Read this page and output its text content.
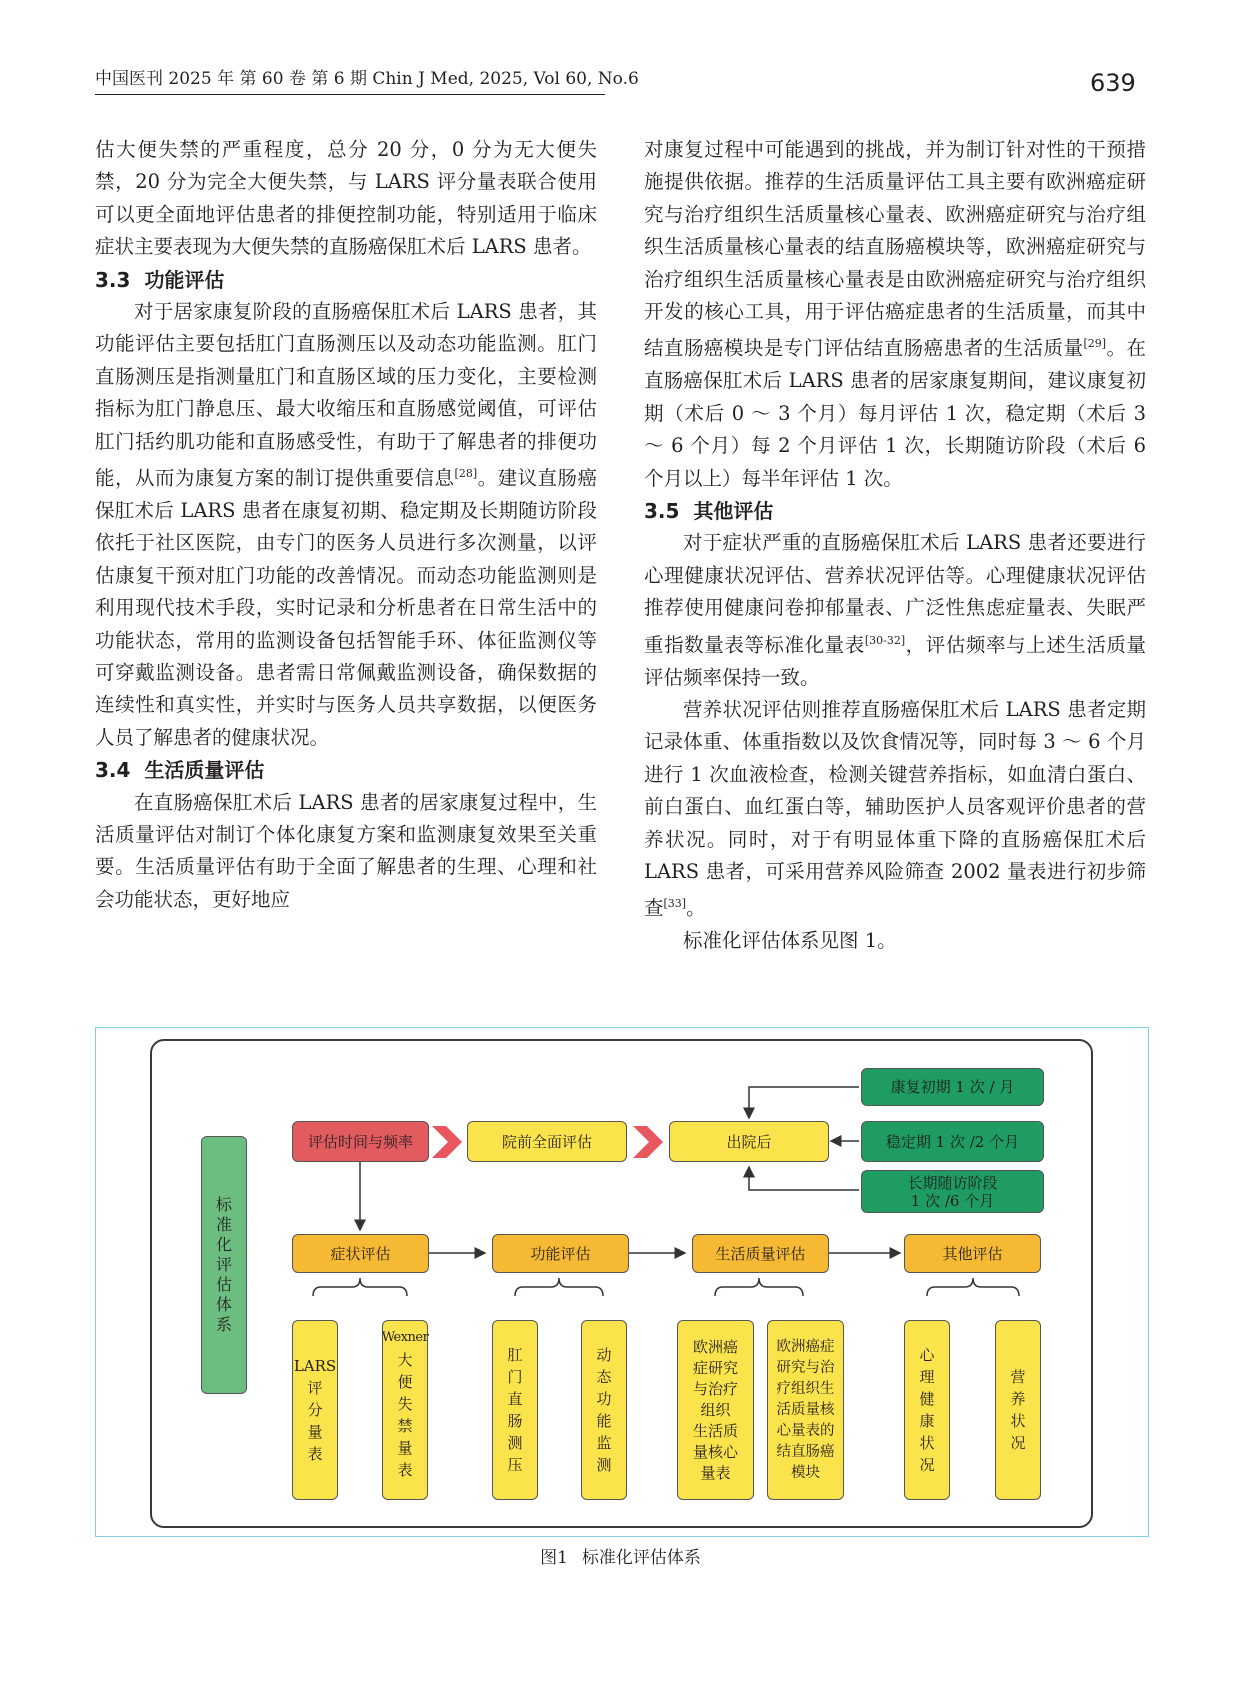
中国医刊 2025 年 第 60 卷 第 6 期 Chin J Med, 2025, Vol 60, No.6	639

估大便失禁的严重程度，总分 20 分，0 分为无大便失禁，20 分为完全大便失禁，与 LARS 评分量表联合使用可以更全面地评估患者的排便控制功能，特别适用于临床症状主要表现为大便失禁的直肠癌保肛术后 LARS 患者。

3.3 功能评估

对于居家康复阶段的直肠癌保肛术后 LARS 患者，其功能评估主要包括肛门直肠测压以及动态功能监测。肛门直肠测压是指测量肛门和直肠区域的压力变化，主要检测指标为肛门静息压、最大收缩压和直肠感觉阈值，可评估肛门括约肌功能和直肠感受性，有助于了解患者的排便功能，从而为康复方案的制订提供重要信息[28]。建议直肠癌保肛术后 LARS 患者在康复初期、稳定期及长期随访阶段依托于社区医院，由专门的医务人员进行多次测量，以评估康复干预对肛门功能的改善情况。而动态功能监测则是利用现代技术手段，实时记录和分析患者在日常生活中的功能状态，常用的监测设备包括智能手环、体征监测仪等可穿戴监测设备。患者需日常佩戴监测设备，确保数据的连续性和真实性，并实时与医务人员共享数据，以便医务人员了解患者的健康状况。

3.4 生活质量评估

在直肠癌保肛术后 LARS 患者的居家康复过程中，生活质量评估对制订个体化康复方案和监测康复效果至关重要。生活质量评估有助于全面了解患者的生理、心理和社会功能状态，更好地应

对康复过程中可能遇到的挑战，并为制订针对性的干预措施提供依据。推荐的生活质量评估工具主要有欧洲癌症研究与治疗组织生活质量核心量表、欧洲癌症研究与治疗组织生活质量核心量表的结直肠癌模块等，欧洲癌症研究与治疗组织生活质量核心量表是由欧洲癌症研究与治疗组织开发的核心工具，用于评估癌症患者的生活质量，而其中结直肠癌模块是专门评估结直肠癌患者的生活质量[29]。在直肠癌保肛术后 LARS 患者的居家康复期间，建议康复初期（术后 0 ～ 3 个月）每月评估 1 次，稳定期（术后 3 ～ 6 个月）每 2 个月评估 1 次，长期随访阶段（术后 6 个月以上）每半年评估 1 次。

3.5 其他评估

对于症状严重的直肠癌保肛术后 LARS 患者还要进行心理健康状况评估、营养状况评估等。心理健康状况评估推荐使用健康问卷抑郁量表、广泛性焦虑症量表、失眠严重指数量表等标准化量表[30-32]，评估频率与上述生活质量评估频率保持一致。

营养状况评估则推荐直肠癌保肛术后 LARS 患者定期记录体重、体重指数以及饮食情况等，同时每 3 ～ 6 个月进行 1 次血液检查，检测关键营养指标，如血清白蛋白、前白蛋白、血红蛋白等，辅助医护人员客观评价患者的营养状况。同时，对于有明显体重下降的直肠癌保肛术后 LARS 患者，可采用营养风险筛查 2002 量表进行初步筛查[33]。

标准化评估体系见图 1。

标
准
化
评
估
体
系
评估时间与频率	院前全面评估	出院后
康复初期 1 次 / 月
稳定期 1 次 /2 个月
长期随访阶段
1 次 /6 个月
症状评估	功能评估	生活质量评估	其他评估
LARS
评
分
量
表
Wexner
大
便
失
禁
量
表
肛
门
直
肠
测
压
动
态
功
能
监
测
欧洲癌
症研究
与治疗
组织
生活质
量核心
量表
欧洲癌症
研究与治
疗组织生
活质量核
心量表的
结直肠癌
模块
心
理
健
康
状
况
营
养
状
况
图1 标准化评估体系
